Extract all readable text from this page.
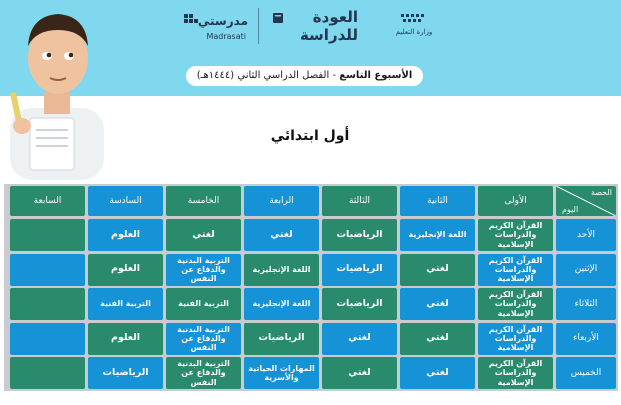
وزارة التعليم
العودة
للدراسة
مدرستي
Madrasati
الأسبوع التاسع - الفصل الدراسي الثاني (١٤٤٤هـ)
أول ابتدائي
الحصة
اليوم
الأولى
الثانية
الثالثة
الرابعة
الخامسة
السادسة
السابعة
الأحد
القرآن الكريم والدراسات الإسلامية
اللغة الإنجليزية
الرياضيات
لغتي
لغتي
العلوم
الإثنين
القرآن الكريم والدراسات الإسلامية
لغتي
الرياضيات
اللغة الإنجليزية
التربية البدنية والدفاع عن النفس
العلوم
الثلاثاء
القرآن الكريم والدراسات الإسلامية
لغتي
الرياضيات
اللغة الإنجليزية
التربية الفنية
التربية الفنية
الأربعاء
القرآن الكريم والدراسات الإسلامية
لغتي
لغتي
الرياضيات
التربية البدنية والدفاع عن النفس
العلوم
الخميس
القرآن الكريم والدراسات الإسلامية
لغتي
لغتي
المهارات الحياتية والأسرية
التربية البدنية والدفاع عن النفس
الرياضيات
